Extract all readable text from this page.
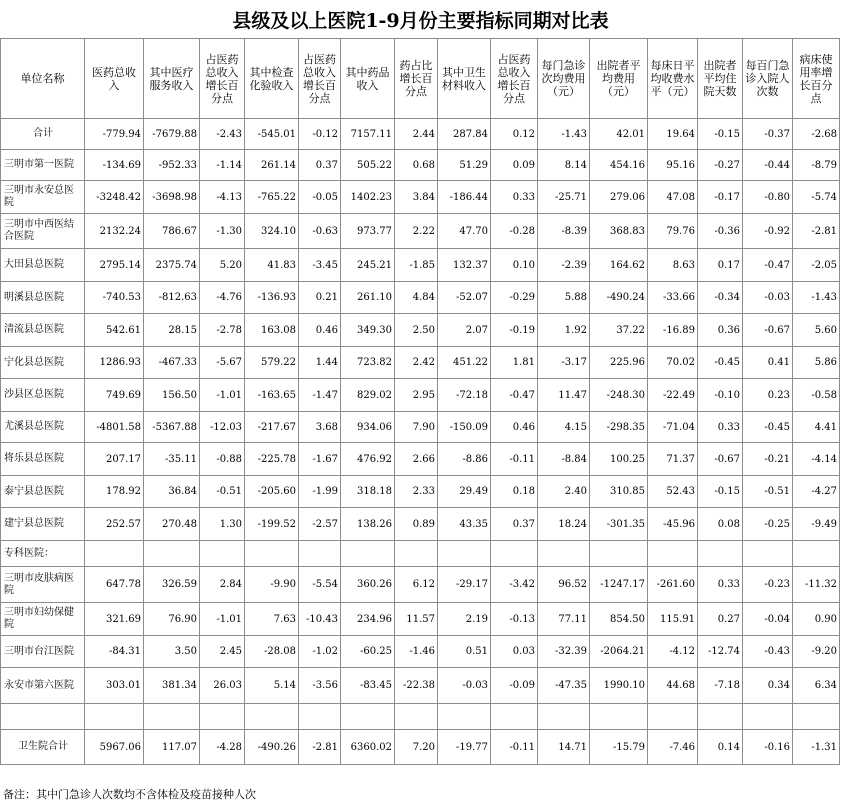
县级及以上医院1-9月份主要指标同期对比表
单位名称	医药总收入	其中医疗服务收入	占医药总收入增长百分点	其中检查化验收入	占医药总收入增长百分点	其中药品收入	药占比增长百分点	其中卫生材料收入	占医药总收入增长百分点	每门急诊次均费用（元）	出院者平均费用（元）	每床日平均收费水平（元）	出院者平均住院天数	每百门急诊入院人次数	病床使用率增长百分点
合计	-779.94	-7679.88	-2.43	-545.01	-0.12	7157.11	2.44	287.84	0.12	-1.43	42.01	19.64	-0.15	-0.37	-2.68
三明市第一医院	-134.69	-952.33	-1.14	261.14	0.37	505.22	0.68	51.29	0.09	8.14	454.16	95.16	-0.27	-0.44	-8.79
三明市永安总医院	-3248.42	-3698.98	-4.13	-765.22	-0.05	1402.23	3.84	-186.44	0.33	-25.71	279.06	47.08	-0.17	-0.80	-5.74
三明市中西医结合医院	2132.24	786.67	-1.30	324.10	-0.63	973.77	2.22	47.70	-0.28	-8.39	368.83	79.76	-0.36	-0.92	-2.81
大田县总医院	2795.14	2375.74	5.20	41.83	-3.45	245.21	-1.85	132.37	0.10	-2.39	164.62	8.63	0.17	-0.47	-2.05
明溪县总医院	-740.53	-812.63	-4.76	-136.93	0.21	261.10	4.84	-52.07	-0.29	5.88	-490.24	-33.66	-0.34	-0.03	-1.43
清流县总医院	542.61	28.15	-2.78	163.08	0.46	349.30	2.50	2.07	-0.19	1.92	37.22	-16.89	0.36	-0.67	5.60
宁化县总医院	1286.93	-467.33	-5.67	579.22	1.44	723.82	2.42	451.22	1.81	-3.17	225.96	70.02	-0.45	0.41	5.86
沙县区总医院	749.69	156.50	-1.01	-163.65	-1.47	829.02	2.95	-72.18	-0.47	11.47	-248.30	-22.49	-0.10	0.23	-0.58
尤溪县总医院	-4801.58	-5367.88	-12.03	-217.67	3.68	934.06	7.90	-150.09	0.46	4.15	-298.35	-71.04	0.33	-0.45	4.41
将乐县总医院	207.17	-35.11	-0.88	-225.78	-1.67	476.92	2.66	-8.86	-0.11	-8.84	100.25	71.37	-0.67	-0.21	-4.14
泰宁县总医院	178.92	36.84	-0.51	-205.60	-1.99	318.18	2.33	29.49	0.18	2.40	310.85	52.43	-0.15	-0.51	-4.27
建宁县总医院	252.57	270.48	1.30	-199.52	-2.57	138.26	0.89	43.35	0.37	18.24	-301.35	-45.96	0.08	-0.25	-9.49
专科医院：															
三明市皮肤病医院	647.78	326.59	2.84	-9.90	-5.54	360.26	6.12	-29.17	-3.42	96.52	-1247.17	-261.60	0.33	-0.23	-11.32
三明市妇幼保健院	321.69	76.90	-1.01	7.63	-10.43	234.96	11.57	2.19	-0.13	77.11	854.50	115.91	0.27	-0.04	0.90
三明市台江医院	-84.31	3.50	2.45	-28.08	-1.02	-60.25	-1.46	0.51	0.03	-32.39	-2064.21	-4.12	-12.74	-0.43	-9.20
永安市第六医院	303.01	381.34	26.03	5.14	-3.56	-83.45	-22.38	-0.03	-0.09	-47.35	1990.10	44.68	-7.18	0.34	6.34

卫生院合计	5967.06	117.07	-4.28	-490.26	-2.81	6360.02	7.20	-19.77	-0.11	14.71	-15.79	-7.46	0.14	-0.16	-1.31
备注：其中门急诊人次数均不含体检及疫苗接种人次
